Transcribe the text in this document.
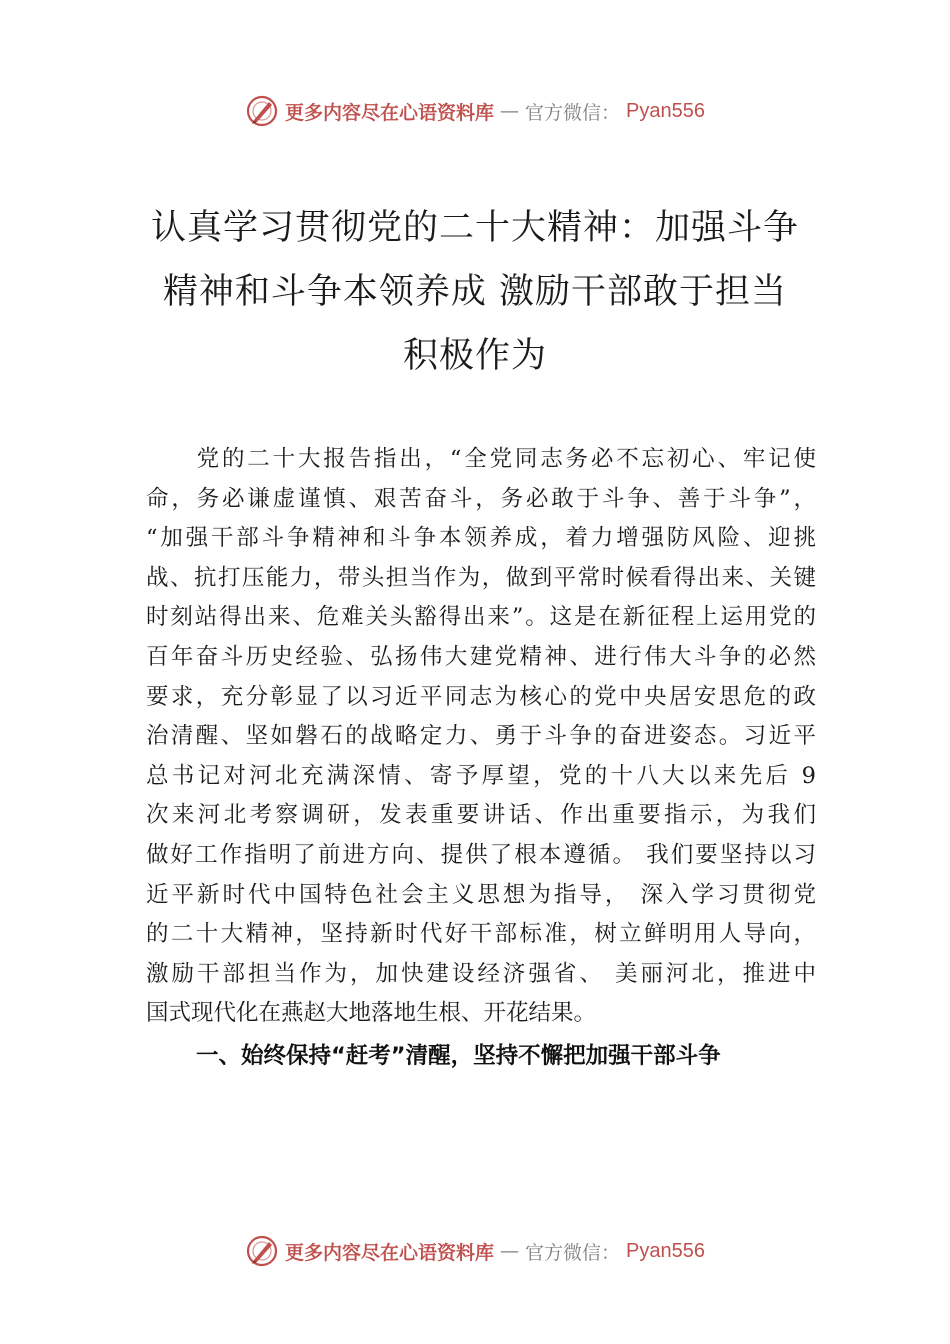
更多内容尽在心语资料库 — 官方微信： Pyan556
认真学习贯彻党的二十大精神：加强斗争
精神和斗争本领养成 激励干部敢于担当
积极作为
　　党的二十大报告指出，“全党同志务必不忘初心、牢记使
命，务必谦虚谨慎、艰苦奋斗，务必敢于斗争、善于斗争”，
“加强干部斗争精神和斗争本领养成，着力增强防风险、迎挑
战、抗打压能力，带头担当作为，做到平常时候看得出来、关键
时刻站得出来、危难关头豁得出来”。这是在新征程上运用党的
百年奋斗历史经验、弘扬伟大建党精神、进行伟大斗争的必然
要求，充分彰显了以习近平同志为核心的党中央居安思危的政
治清醒、坚如磐石的战略定力、勇于斗争的奋进姿态。习近平
总书记对河北充满深情、寄予厚望，党的十八大以来先后 9
次来河北考察调研，发表重要讲话、作出重要指示，为我们
做好工作指明了前进方向、提供了根本遵循。 我们要坚持以习
近平新时代中国特色社会主义思想为指导， 深入学习贯彻党
的二十大精神，坚持新时代好干部标准，树立鲜明用人导向，
激励干部担当作为，加快建设经济强省、 美丽河北，推进中
国式现代化在燕赵大地落地生根、开花结果。
一、始终保持“赶考”清醒，坚持不懈把加强干部斗争
更多内容尽在心语资料库 — 官方微信： Pyan556
